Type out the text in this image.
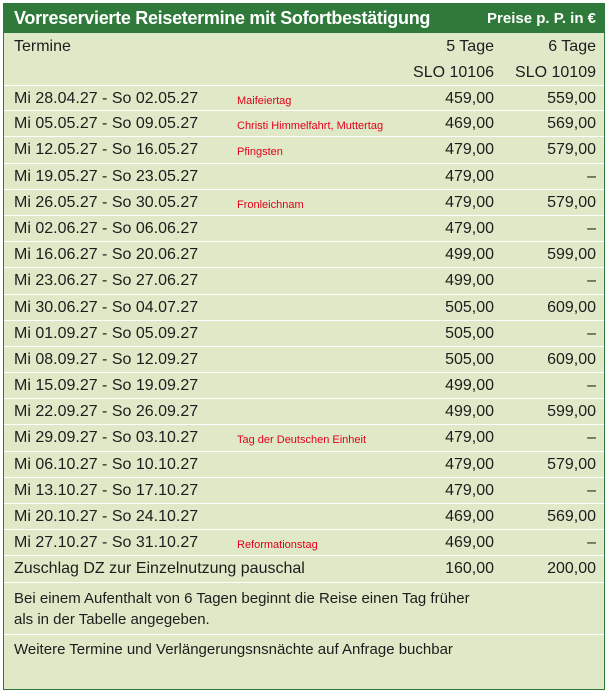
Vorreservierte Reisetermine mit Sofortbestätigung	Preise p. P. in €
Termine	5 Tage	6 Tage
SLO 10106 SLO 10109
Mi 28.04.27 - So 02.05.27	Maifeiertag	459,00	559,00
Mi 05.05.27 - So 09.05.27	Christi Himmelfahrt, Muttertag	469,00	569,00
Mi 12.05.27 - So 16.05.27	Pfingsten	479,00	579,00
Mi 19.05.27 - So 23.05.27	479,00	–
Mi 26.05.27 - So 30.05.27	Fronleichnam	479,00	579,00
Mi 02.06.27 - So 06.06.27	479,00	–
Mi 16.06.27 - So 20.06.27	499,00	599,00
Mi 23.06.27 - So 27.06.27	499,00	–
Mi 30.06.27 - So 04.07.27	505,00	609,00
Mi 01.09.27 - So 05.09.27	505,00	–
Mi 08.09.27 - So 12.09.27	505,00	609,00
Mi 15.09.27 - So 19.09.27	499,00	–
Mi 22.09.27 - So 26.09.27	499,00	599,00
Mi 29.09.27 - So 03.10.27	Tag der Deutschen Einheit	479,00	–
Mi 06.10.27 - So 10.10.27	479,00	579,00
Mi 13.10.27 - So 17.10.27	479,00	–
Mi 20.10.27 - So 24.10.27	469,00	569,00
Mi 27.10.27 - So 31.10.27	Reformationstag	469,00	–
Zuschlag DZ zur Einzelnutzung pauschal	160,00	200,00
Bei einem Aufenthalt von 6 Tagen beginnt die Reise einen Tag früher
als in der Tabelle angegeben.
Weitere Termine und Verlängerungsnsnächte auf Anfrage buchbar
